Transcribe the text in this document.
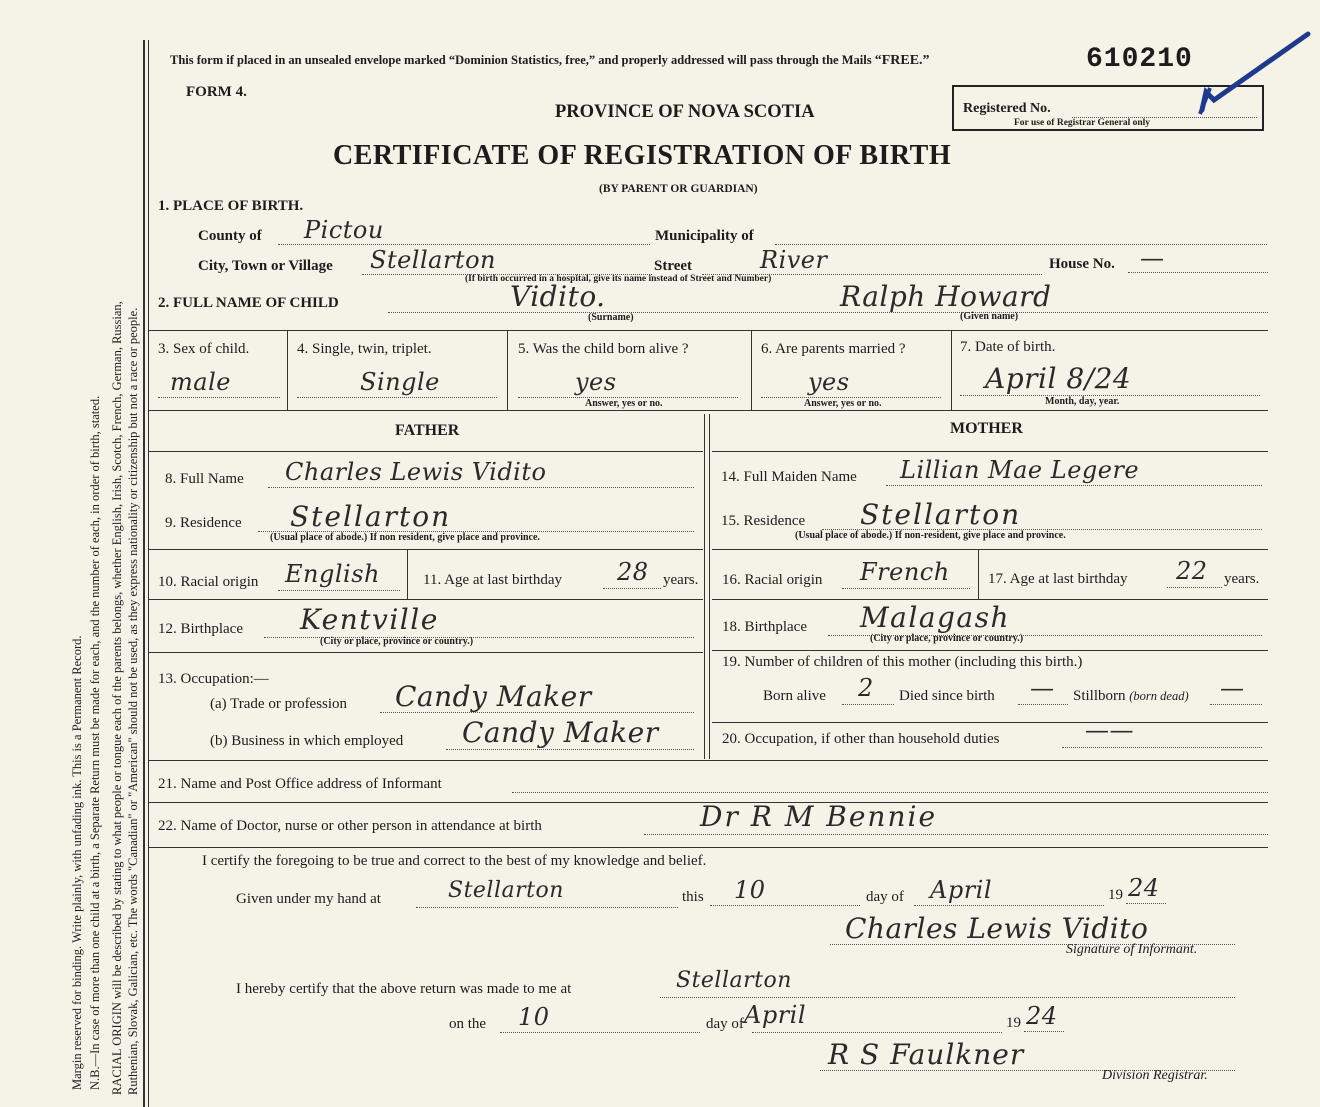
Margin reserved for binding. Write plainly, with unfading ink. This is a Permanent Record. N.B.—In case of more than one child at a birth, a Separate Return must be made for each, and the number of each, in order of birth, stated. RACIAL ORIGIN will be described by stating to what people or tongue each of the parents belongs, whether English, Irish, Scotch, French, German, Russian, Ruthenian, Slovak, Galician, etc. The words "Canadian" or "American" should not be used, as they express nationality or citizenship but not a race or people.
This form if placed in an unsealed envelope marked “Dominion Statistics, free,” and properly addressed will pass through the Mails “FREE.”	610210
FORM 4.
PROVINCE OF NOVA SCOTIA
CERTIFICATE OF REGISTRATION OF BIRTH
(BY PARENT OR GUARDIAN)
Registered No.
For use of Registrar General only
1. PLACE OF BIRTH.
County of Pictou	Municipality of
City, Town or Village Stellarton
(If birth occurred in a hospital, give its name instead of Street and Number)
Street	River	House No. —
2. FULL NAME OF CHILD	Vidito.
(Surname)
Ralph Howard
(Given name)
3. Sex of child.
male
4. Single, twin, triplet.
Single
5. Was the child born alive ?
yes
Answer, yes or no.
6. Are parents married ?
yes
Answer, yes or no.
7. Date of birth.
April 8/24
Month, day, year.
FATHER	MOTHER
8. Full Name Charles Lewis Vidito	14. Full Maiden Name Lillian Mae Legere
9. Residence Stellarton
(Usual place of abode.) If non resident, give place and province.
15. Residence Stellarton
(Usual place of abode.) If non-resident, give place and province.
10. Racial origin English	11. Age at last birthday 28 years. 16. Racial origin French	17. Age at last birthday 22 years.
12. Birthplace Kentville
(City or place, province or country.)
18. Birthplace Malagash
(City or place, province or country.)
13. Occupation:—
(a) Trade or profession Candy Maker
(b) Business in which employed Candy Maker
19. Number of children of this mother (including this birth.)
Born alive 2 Died since birth — Stillborn (born dead) —
20. Occupation, if other than household duties	——
21. Name and Post Office address of Informant
22. Name of Doctor, nurse or other person in attendance at birth	Dr R M Bennie
I certify the foregoing to be true and correct to the best of my knowledge and belief.
Given under my hand at	Stellarton	this 10	day of April	19 24
Charles Lewis Vidito
Signature of Informant.
I hereby certify that the above return was made to me at	Stellarton
on the 10	day of April	19 24
R S Faulkner
Division Registrar.
